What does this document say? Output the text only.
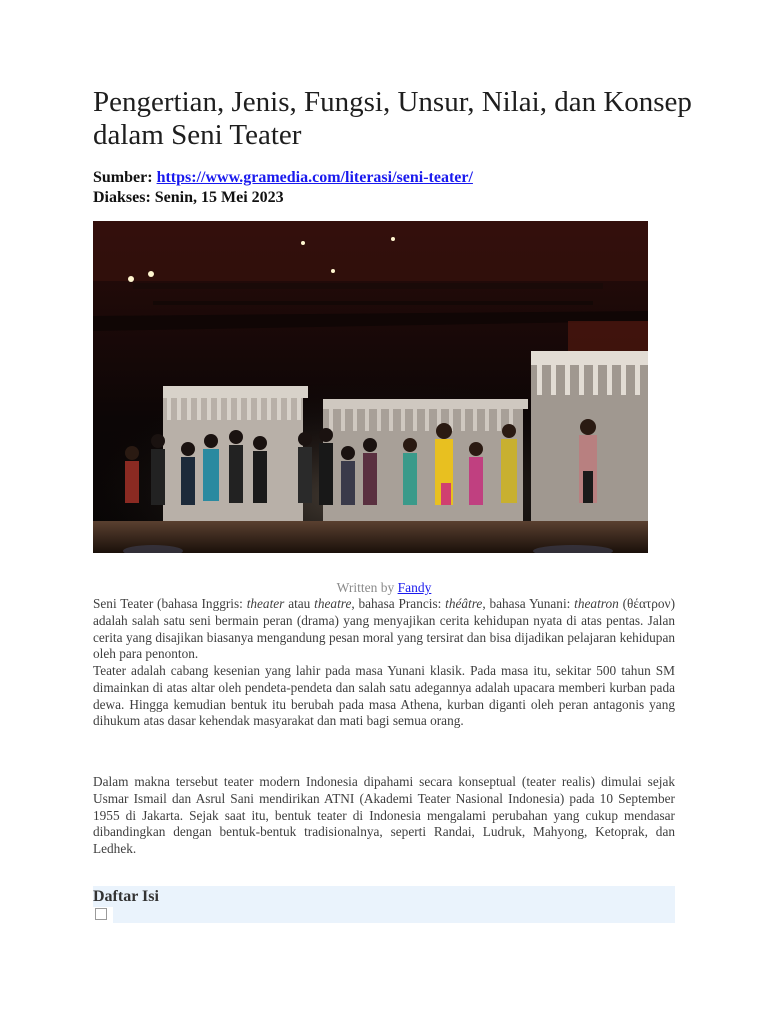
Pengertian, Jenis, Fungsi, Unsur, Nilai, dan Konsep dalam Seni Teater
Sumber: https://www.gramedia.com/literasi/seni-teater/
Diakses: Senin, 15 Mei 2023
Written by Fandy

Seni Teater (bahasa Inggris: theater atau theatre, bahasa Prancis: théâtre, bahasa Yunani: theatron (θέατρον) adalah salah satu seni bermain peran (drama) yang menyajikan cerita kehidupan nyata di atas pentas. Jalan cerita yang disajikan biasanya mengandung pesan moral yang tersirat dan bisa dijadikan pelajaran kehidupan oleh para penonton.

Teater adalah cabang kesenian yang lahir pada masa Yunani klasik. Pada masa itu, sekitar 500 tahun SM dimainkan di atas altar oleh pendeta-pendeta dan salah satu adegannya adalah upacara memberi kurban pada dewa. Hingga kemudian bentuk itu berubah pada masa Athena, kurban diganti oleh peran antagonis yang dihukum atas dasar kehendak masyarakat dan mati bagi semua orang.

Dalam makna tersebut teater modern Indonesia dipahami secara konseptual (teater realis) dimulai sejak Usmar Ismail dan Asrul Sani mendirikan ATNI (Akademi Teater Nasional Indonesia) pada 10 September 1955 di Jakarta. Sejak saat itu, bentuk teater di Indonesia mengalami perubahan yang cukup mendasar dibandingkan dengan bentuk-bentuk tradisionalnya, seperti Randai, Ludruk, Mahyong, Ketoprak, dan Ledhek.

Daftar Isi
